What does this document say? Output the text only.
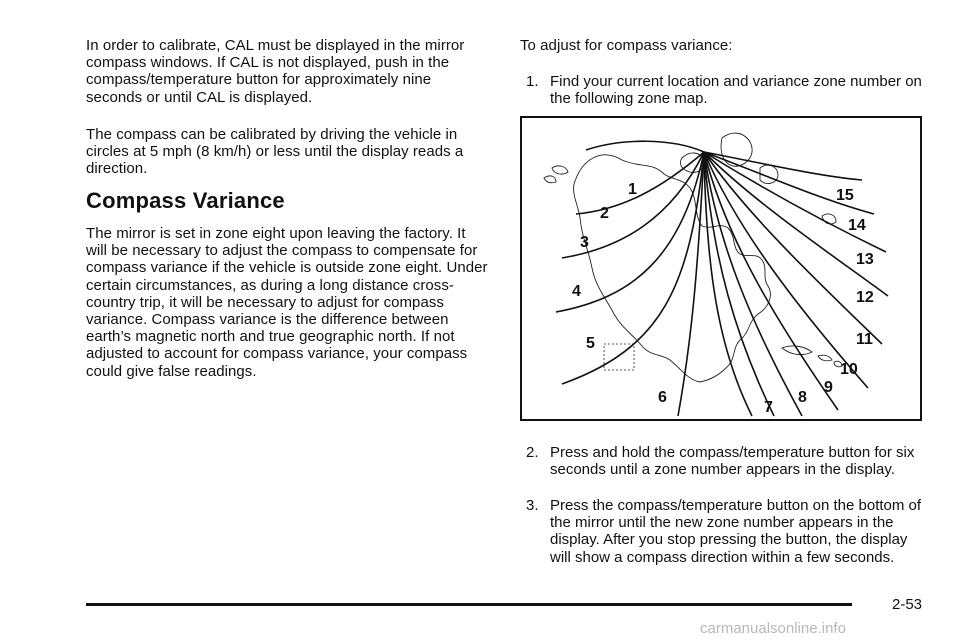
In order to calibrate, CAL must be displayed in the mirror compass windows. If CAL is not displayed, push in the compass/temperature button for approximately nine seconds or until CAL is displayed.

The compass can be calibrated by driving the vehicle in circles at 5 mph (8 km/h) or less until the display reads a direction.

Compass Variance

The mirror is set in zone eight upon leaving the factory. It will be necessary to adjust the compass to compensate for compass variance if the vehicle is outside zone eight. Under certain circumstances, as during a long distance cross-country trip, it will be necessary to adjust for compass variance. Compass variance is the difference between earth’s magnetic north and true geographic north. If not adjusted to account for compass variance, your compass could give false readings.

To adjust for compass variance:

1. Find your current location and variance zone number on the following zone map.
1
2
3
4
5
6
7
8
9
10
11
12
13
14
15
2. Press and hold the compass/temperature button for six seconds until a zone number appears in the display.
3. Press the compass/temperature button on the bottom of the mirror until the new zone number appears in the display. After you stop pressing the button, the display will show a compass direction within a few seconds.
2-53
carmanualsonline.info
